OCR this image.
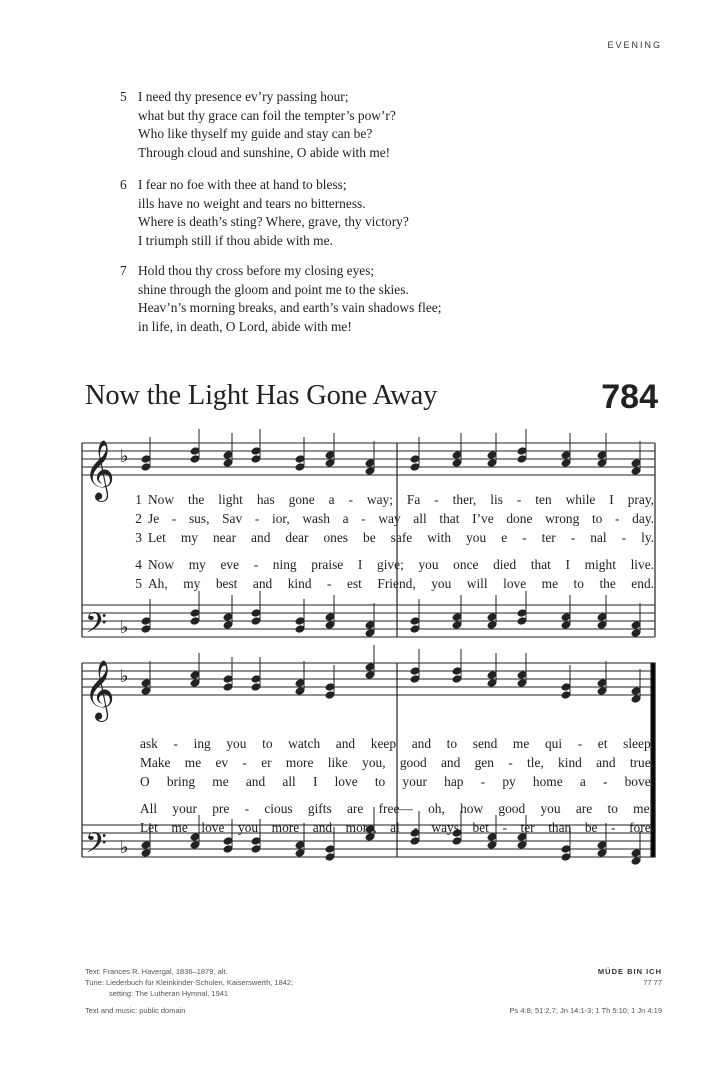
EVENING
5 I need thy presence ev’ry passing hour;
what but thy grace can foil the tempter’s pow’r?
Who like thyself my guide and stay can be?
Through cloud and sunshine, O abide with me!
6 I fear no foe with thee at hand to bless;
ills have no weight and tears no bitterness.
Where is death’s sting? Where, grave, thy victory?
I triumph still if thou abide with me.
7 Hold thou thy cross before my closing eyes;
shine through the gloom and point me to the skies.
Heav’n’s morning breaks, and earth’s vain shadows flee;
in life, in death, O Lord, abide with me!
Now the Light Has Gone Away	784
𝄞
𝄢
𝄞
𝄢
♭
♭
♭
♭
1 Now the light has gone a - way; Fa - ther, lis - ten while I pray,
2 Je - sus, Sav - ior, wash a - way all that I’ve done wrong to - day.
3 Let my near and dear ones be safe with you e - ter - nal - ly.
4 Now my eve - ning praise I give; you once died that I might live.
5 Ah, my best and kind - est Friend, you will love me to the end.
ask - ing you to watch and keep and to send me qui - et sleep.
Make me ev - er more like you, good and gen - tle, kind and true.
O bring me and all I love to your hap - py home a - bove.
All your pre - cious gifts are free— oh, how good you are to me!
Let me love you more and more, al - ways bet - ter than be - fore.
Text: Frances R. Havergal, 1836–1879, alt.
Tune: Liederbuch für Kleinkinder-Schulen, Kaiserswerth, 1842;
setting: The Lutheran Hymnal, 1941
Text and music: public domain
MÜDE BIN ICH
77 77
Ps 4:8; 51:2,7; Jn 14:1-3; 1 Th 5:10; 1 Jn 4:19
